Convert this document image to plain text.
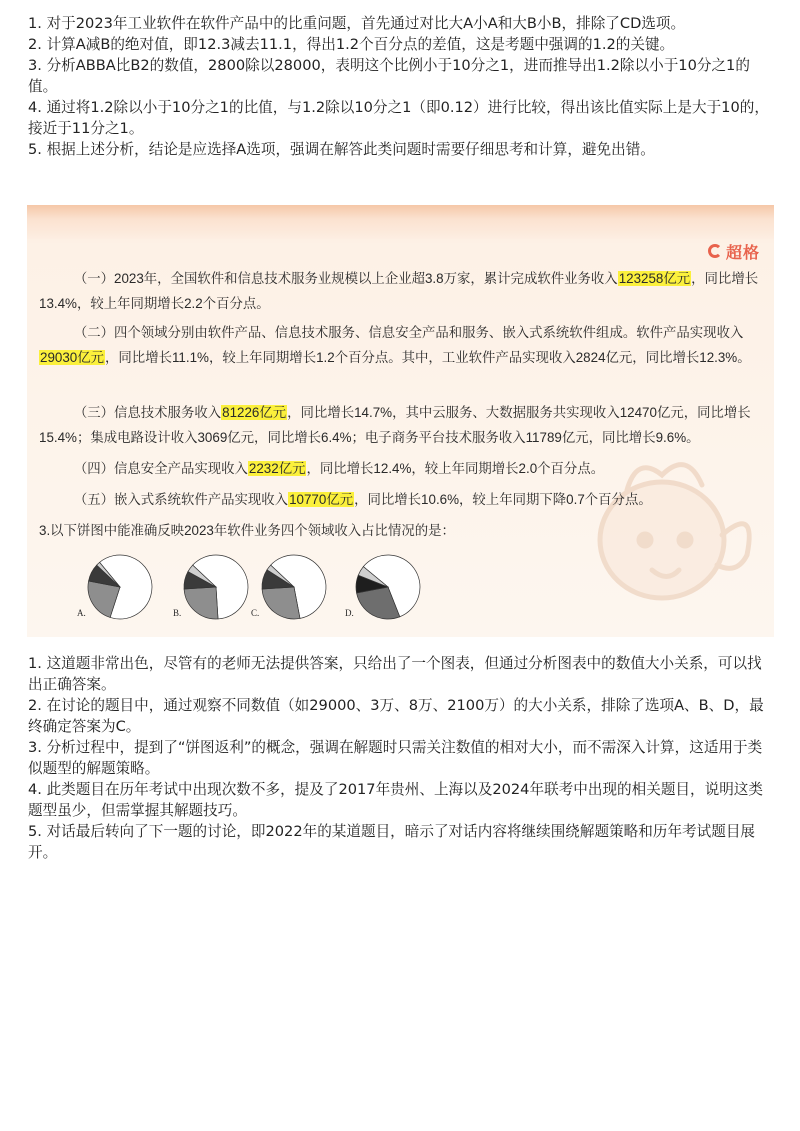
1. 对于2023年工业软件在软件产品中的比重问题，首先通过对比大A小A和大B小B，排除了CD选项。

2. 计算A减B的绝对值，即12.3减去11.1，得出1.2个百分点的差值，这是考题中强调的1.2的关键。

3. 分析ABBA比B2的数值，2800除以28000，表明这个比例小于10分之1，进而推导出1.2除以小于10分之1的值。

4. 通过将1.2除以小于10分之1的比值，与1.2除以10分之1（即0.12）进行比较，得出该比值实际上是大于10的，接近于11分之1。

5. 根据上述分析，结论是应选择A选项，强调在解答此类问题时需要仔细思考和计算，避免出错。

超格

（一）2023年，全国软件和信息技术服务业规模以上企业超3.8万家，累计完成软件业务收入123258亿元，同比增长13.4%，较上年同期增长2.2个百分点。

（二）四个领域分别由软件产品、信息技术服务、信息安全产品和服务、嵌入式系统软件组成。软件产品实现收入29030亿元，同比增长11.1%，较上年同期增长1.2个百分点。其中，工业软件产品实现收入2824亿元，同比增长12.3%。

（三）信息技术服务收入81226亿元，同比增长14.7%，其中云服务、大数据服务共实现收入12470亿元，同比增长15.4%；集成电路设计收入3069亿元，同比增长6.4%；电子商务平台技术服务收入11789亿元，同比增长9.6%。

（四）信息安全产品实现收入2232亿元，同比增长12.4%，较上年同期增长2.0个百分点。

（五）嵌入式系统软件产品实现收入10770亿元，同比增长10.6%，较上年同期下降0.7个百分点。

3.以下饼图中能准确反映2023年软件业务四个领域收入占比情况的是：
A.	B.	C.	D.

1. 这道题非常出色，尽管有的老师无法提供答案，只给出了一个图表，但通过分析图表中的数值大小关系，可以找出正确答案。

2. 在讨论的题目中，通过观察不同数值（如29000、3万、8万、2100万）的大小关系，排除了选项A、B、D，最终确定答案为C。

3. 分析过程中，提到了“饼图返利”的概念，强调在解题时只需关注数值的相对大小，而不需深入计算，这适用于类似题型的解题策略。

4. 此类题目在历年考试中出现次数不多，提及了2017年贵州、上海以及2024年联考中出现的相关题目，说明这类题型虽少，但需掌握其解题技巧。

5. 对话最后转向了下一题的讨论，即2022年的某道题目，暗示了对话内容将继续围绕解题策略和历年考试题目展开。
